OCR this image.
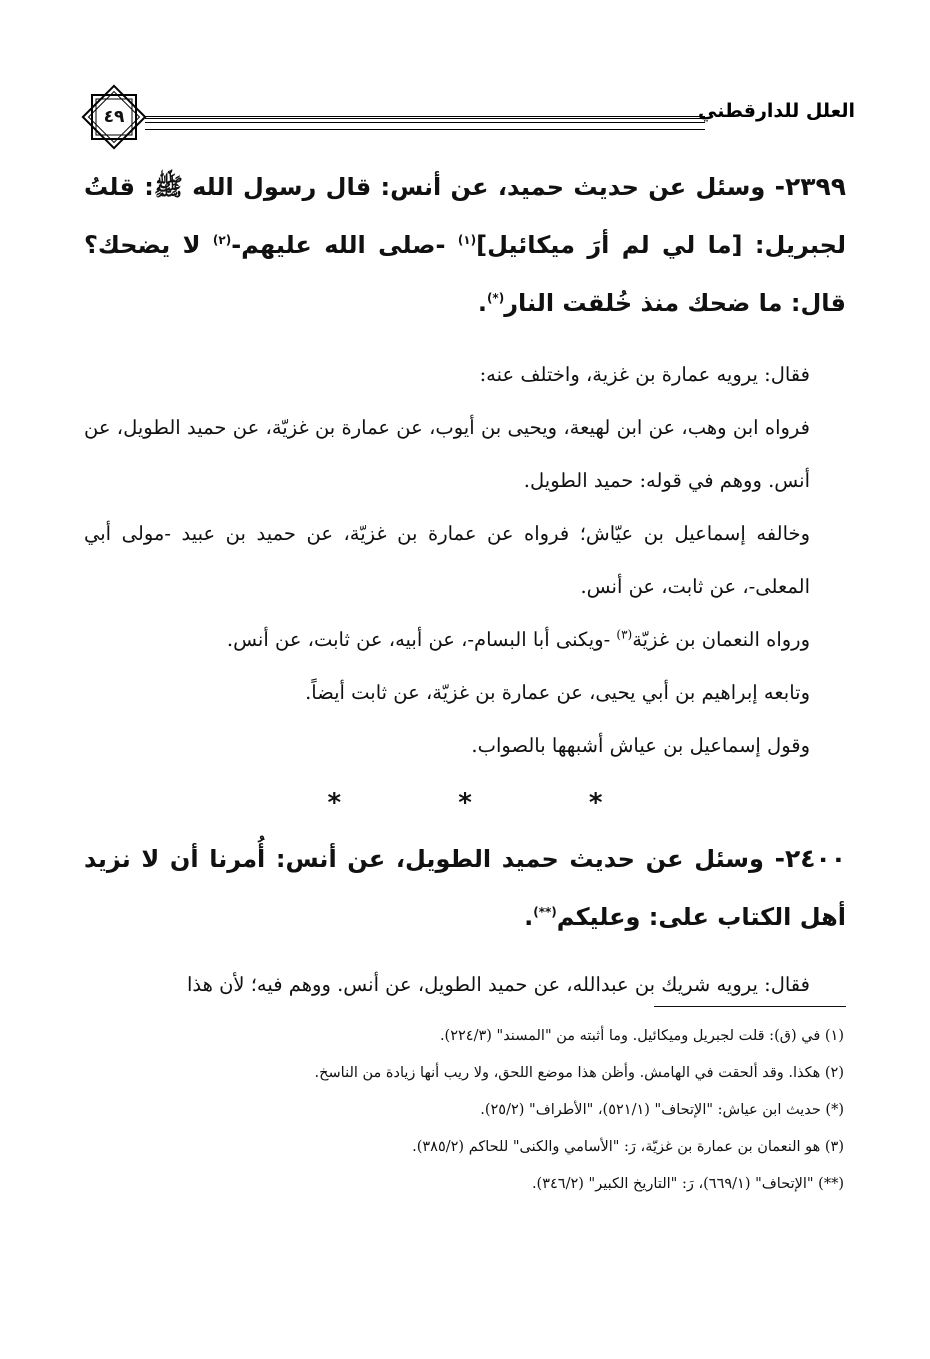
العلل للدارقطني
٤٩

٢٣٩٩- وسئل عن حديث حميد، عن أنس: قال رسول الله ﷺ: قلتُ لجبريل: [ما لي لم أرَ ميكائيل]$^{(١)}$ -صلى الله عليهم-$^{(٢)}$ لا يضحك؟ قال: ما ضحك منذ خُلقت النار(*).

فقال: يرويه عمارة بن غزية، واختلف عنه:

فرواه ابن وهب، عن ابن لهيعة، ويحيى بن أيوب، عن عمارة بن غزيّة، عن حميد الطويل، عن أنس. ووهم في قوله: حميد الطويل.

وخالفه إسماعيل بن عيّاش؛ فرواه عن عمارة بن غزيّة، عن حميد بن عبيد -مولى أبي المعلى-، عن ثابت، عن أنس.

ورواه النعمان بن غزيّة$^{(٣)}$ -ويكنى أبا البسام-، عن أبيه، عن ثابت، عن أنس.

وتابعه إبراهيم بن أبي يحيى، عن عمارة بن غزيّة، عن ثابت أيضاً.

وقول إسماعيل بن عياش أشبهها بالصواب.

* * *

٢٤٠٠- وسئل عن حديث حميد الطويل، عن أنس: أُمرنا أن لا نزيد أهل الكتاب على: وعليكم(**).

فقال: يرويه شريك بن عبدالله، عن حميد الطويل، عن أنس. ووهم فيه؛ لأن هذا

(١) في (ق): قلت لجبريل وميكائيل. وما أثبته من "المسند" (٢٢٤/٣).

(٢) هكذا. وقد ألحقت في الهامش. وأظن هذا موضع اللحق، ولا ريب أنها زيادة من الناسخ.

(*) حديث ابن عياش: "الإتحاف" (٥٢١/١)، "الأطراف" (٢٥/٢).

(٣) هو النعمان بن عمارة بن غزيّة، رَ: "الأسامي والكنى" للحاكم (٣٨٥/٢).

(**) "الإتحاف" (٦٦٩/١)، رَ: "التاريخ الكبير" (٣٤٦/٢).
